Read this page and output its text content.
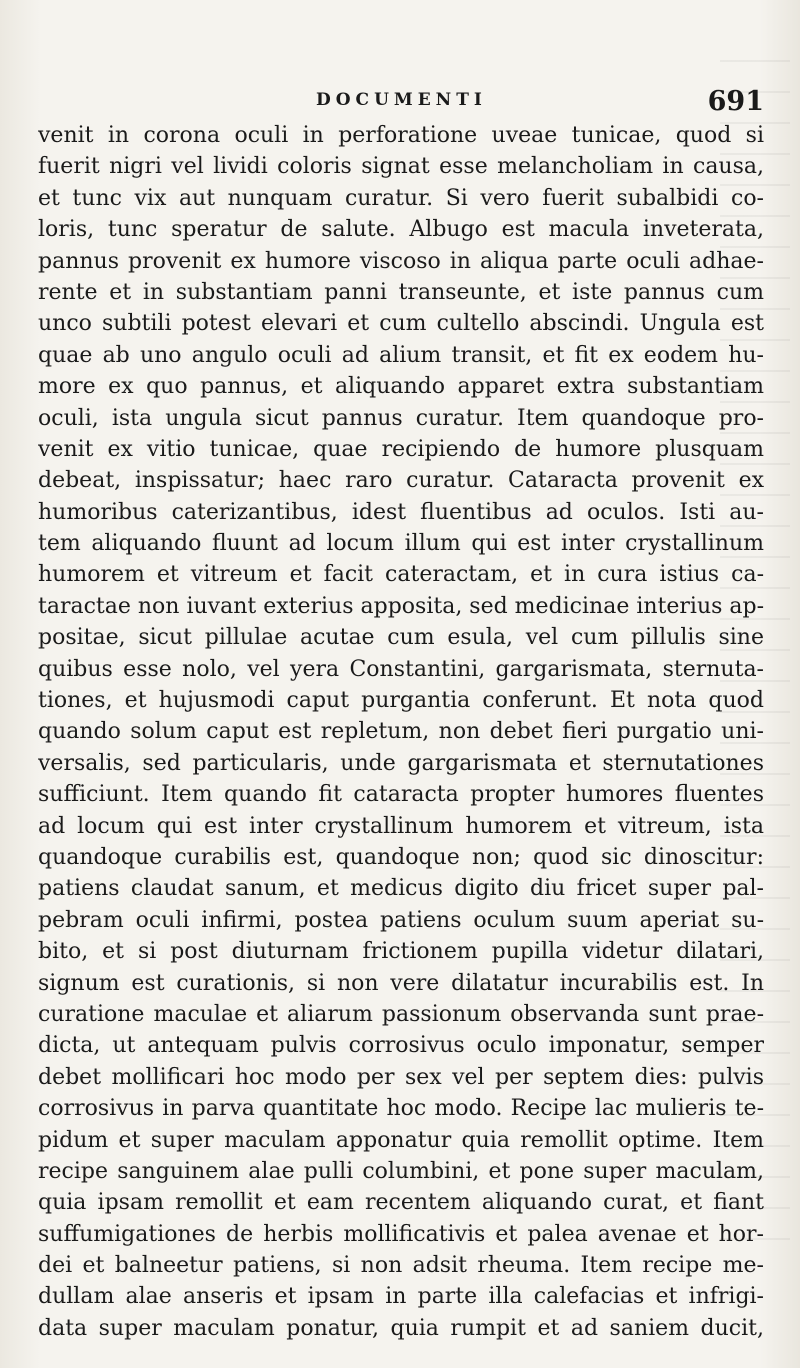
DOCUMENTI	691
venit in corona oculi in perforatione uveae tunicae, quod si
fuerit nigri vel lividi coloris signat esse melancholiam in causa,
et tunc vix aut nunquam curatur. Si vero fuerit subalbidi co-
loris, tunc speratur de salute. Albugo est macula inveterata,
pannus provenit ex humore viscoso in aliqua parte oculi adhae-
rente et in substantiam panni transeunte, et iste pannus cum
unco subtili potest elevari et cum cultello abscindi. Ungula est
quae ab uno angulo oculi ad alium transit, et fit ex eodem hu-
more ex quo pannus, et aliquando apparet extra substantiam
oculi, ista ungula sicut pannus curatur. Item quandoque pro-
venit ex vitio tunicae, quae recipiendo de humore plusquam
debeat, inspissatur; haec raro curatur. Cataracta provenit ex
humoribus caterizantibus, idest fluentibus ad oculos. Isti au-
tem aliquando fluunt ad locum illum qui est inter crystallinum
humorem et vitreum et facit cateractam, et in cura istius ca-
taractae non iuvant exterius apposita, sed medicinae interius ap-
positae, sicut pillulae acutae cum esula, vel cum pillulis sine
quibus esse nolo, vel yera Constantini, gargarismata, sternuta-
tiones, et hujusmodi caput purgantia conferunt. Et nota quod
quando solum caput est repletum, non debet fieri purgatio uni-
versalis, sed particularis, unde gargarismata et sternutationes
sufficiunt. Item quando fit cataracta propter humores fluentes
ad locum qui est inter crystallinum humorem et vitreum, ista
quandoque curabilis est, quandoque non; quod sic dinoscitur:
patiens claudat sanum, et medicus digito diu fricet super pal-
pebram oculi infirmi, postea patiens oculum suum aperiat su-
bito, et si post diuturnam frictionem pupilla videtur dilatari,
signum est curationis, si non vere dilatatur incurabilis est. In
curatione maculae et aliarum passionum observanda sunt prae-
dicta, ut antequam pulvis corrosivus oculo imponatur, semper
debet mollificari hoc modo per sex vel per septem dies: pulvis
corrosivus in parva quantitate hoc modo. Recipe lac mulieris te-
pidum et super maculam apponatur quia remollit optime. Item
recipe sanguinem alae pulli columbini, et pone super maculam,
quia ipsam remollit et eam recentem aliquando curat, et fiant
suffumigationes de herbis mollificativis et palea avenae et hor-
dei et balneetur patiens, si non adsit rheuma. Item recipe me-
dullam alae anseris et ipsam in parte illa calefacias et infrigi-
data super maculam ponatur, quia rumpit et ad saniem ducit,
